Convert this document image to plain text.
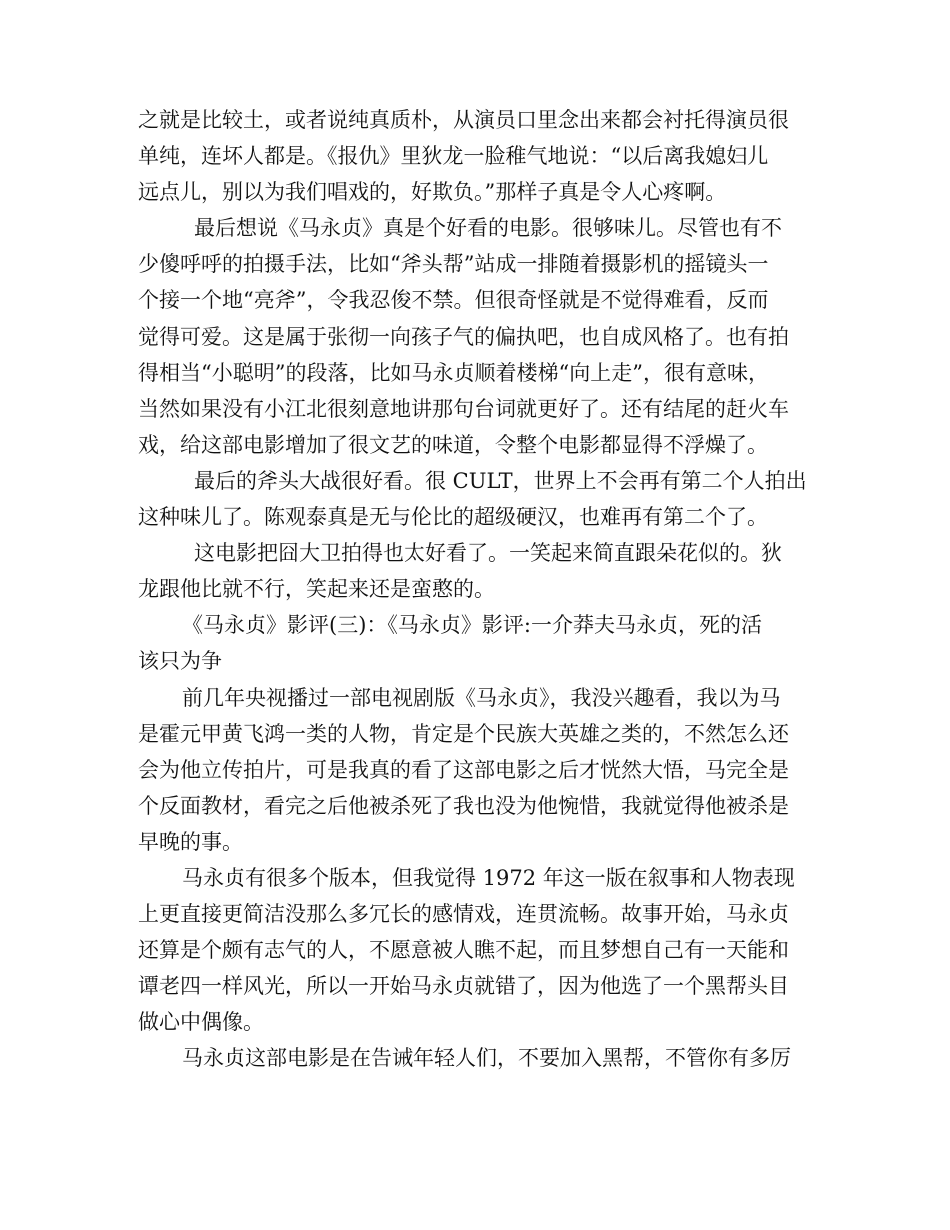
之就是比较土，或者说纯真质朴，从演员口里念出来都会衬托得演员很
单纯，连坏人都是。《报仇》里狄龙一脸稚气地说：“以后离我媳妇儿
远点儿，别以为我们唱戏的，好欺负。”那样子真是令人心疼啊。
最后想说《马永贞》真是个好看的电影。很够味儿。尽管也有不
少傻呼呼的拍摄手法，比如“斧头帮”站成一排随着摄影机的摇镜头一
个接一个地“亮斧”，令我忍俊不禁。但很奇怪就是不觉得难看，反而
觉得可爱。这是属于张彻一向孩子气的偏执吧，也自成风格了。也有拍
得相当“小聪明”的段落，比如马永贞顺着楼梯“向上走”，很有意味，
当然如果没有小江北很刻意地讲那句台词就更好了。还有结尾的赶火车
戏，给这部电影增加了很文艺的味道，令整个电影都显得不浮燥了。
最后的斧头大战很好看。很 CULT，世界上不会再有第二个人拍出
这种味儿了。陈观泰真是无与伦比的超级硬汉，也难再有第二个了。
这电影把囧大卫拍得也太好看了。一笑起来简直跟朵花似的。狄
龙跟他比就不行，笑起来还是蛮憨的。
《马永贞》影评(三)：《马永贞》影评:一介莽夫马永贞，死的活
该只为争
前几年央视播过一部电视剧版《马永贞》，我没兴趣看，我以为马
是霍元甲黄飞鸿一类的人物，肯定是个民族大英雄之类的，不然怎么还
会为他立传拍片，可是我真的看了这部电影之后才恍然大悟，马完全是
个反面教材，看完之后他被杀死了我也没为他惋惜，我就觉得他被杀是
早晚的事。
马永贞有很多个版本，但我觉得 1972 年这一版在叙事和人物表现
上更直接更简洁没那么多冗长的感情戏，连贯流畅。故事开始，马永贞
还算是个颇有志气的人，不愿意被人瞧不起，而且梦想自己有一天能和
谭老四一样风光，所以一开始马永贞就错了，因为他选了一个黑帮头目
做心中偶像。
马永贞这部电影是在告诫年轻人们，不要加入黑帮，不管你有多厉
